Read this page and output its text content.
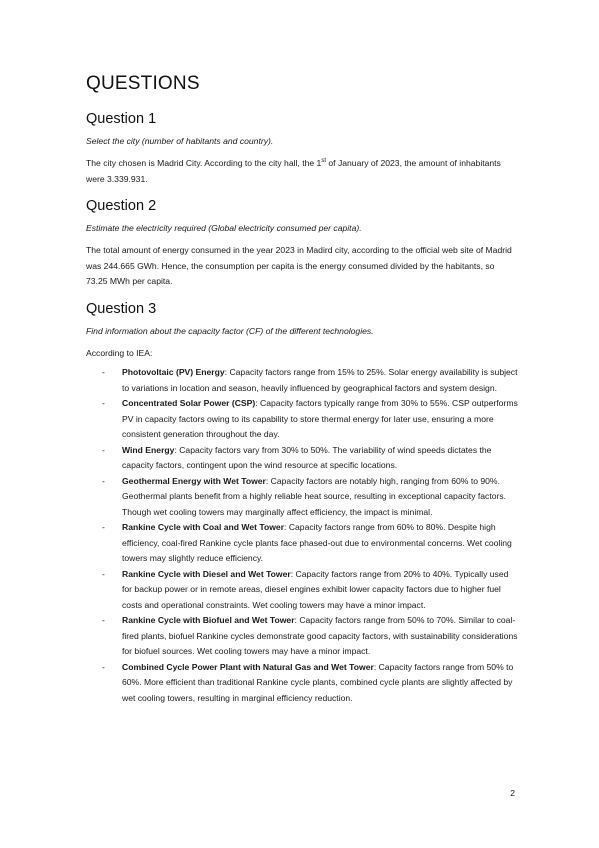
QUESTIONS
Question 1
Select the city (number of habitants and country).
The city chosen is Madrid City. According to the city hall, the 1st of January of 2023, the amount of inhabitants were 3.339.931.
Question 2
Estimate the electricity required (Global electricity consumed per capita).
The total amount of energy consumed in the year 2023 in Madird city, according to the official web site of Madrid was 244.665 GWh. Hence, the consumption per capita is the energy consumed divided by the habitants, so 73.25 MWh per capita.
Question 3
Find information about the capacity factor (CF) of the different technologies.
According to IEA:
- Photovoltaic (PV) Energy: Capacity factors range from 15% to 25%. Solar energy availability is subject to variations in location and season, heavily influenced by geographical factors and system design.
- Concentrated Solar Power (CSP): Capacity factors typically range from 30% to 55%. CSP outperforms PV in capacity factors owing to its capability to store thermal energy for later use, ensuring a more consistent generation throughout the day.
- Wind Energy: Capacity factors vary from 30% to 50%. The variability of wind speeds dictates the capacity factors, contingent upon the wind resource at specific locations.
- Geothermal Energy with Wet Tower: Capacity factors are notably high, ranging from 60% to 90%. Geothermal plants benefit from a highly reliable heat source, resulting in exceptional capacity factors. Though wet cooling towers may marginally affect efficiency, the impact is minimal.
- Rankine Cycle with Coal and Wet Tower: Capacity factors range from 60% to 80%. Despite high efficiency, coal-fired Rankine cycle plants face phased-out due to environmental concerns. Wet cooling towers may slightly reduce efficiency.
- Rankine Cycle with Diesel and Wet Tower: Capacity factors range from 20% to 40%. Typically used for backup power or in remote areas, diesel engines exhibit lower capacity factors due to higher fuel costs and operational constraints. Wet cooling towers may have a minor impact.
- Rankine Cycle with Biofuel and Wet Tower: Capacity factors range from 50% to 70%. Similar to coal-fired plants, biofuel Rankine cycles demonstrate good capacity factors, with sustainability considerations for biofuel sources. Wet cooling towers may have a minor impact.
- Combined Cycle Power Plant with Natural Gas and Wet Tower: Capacity factors range from 50% to 60%. More efficient than traditional Rankine cycle plants, combined cycle plants are slightly affected by wet cooling towers, resulting in marginal efficiency reduction.
2
